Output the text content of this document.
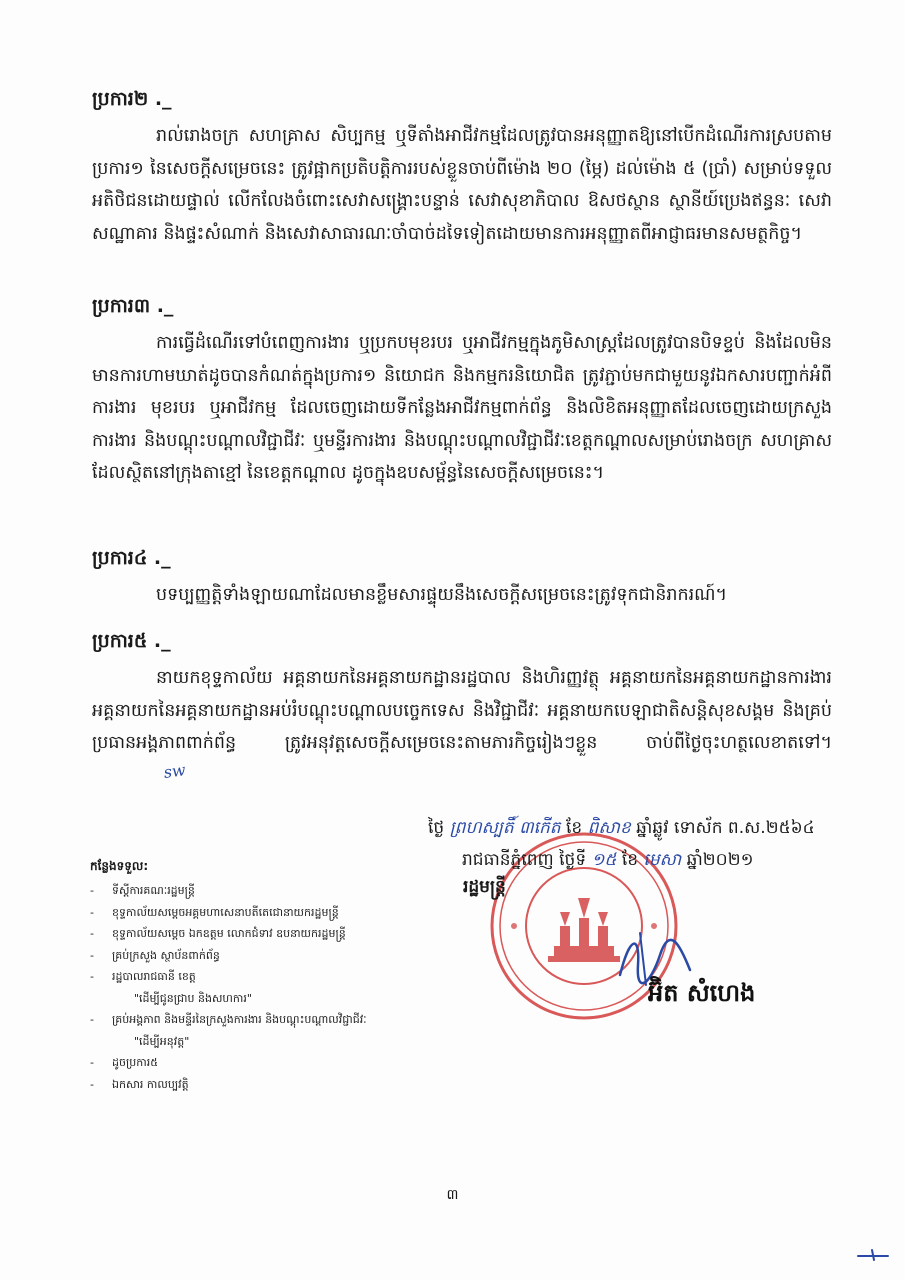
ប្រការ២ ._

រាល់រោងចក្រ សហគ្រាស សិប្បកម្ម ឬទីតាំងអាជីវកម្មដែលត្រូវបានអនុញ្ញាតឱ្យនៅបើកដំណើរការស្របតាមប្រការ១ នៃសេចក្តីសម្រេចនេះ ត្រូវផ្អាកប្រតិបត្តិការរបស់ខ្លួនចាប់ពីម៉ោង ២០ (ម្ភៃ) ដល់ម៉ោង ៥ (ប្រាំ) សម្រាប់ទទួលអតិថិជនដោយផ្ទាល់ លើកលែងចំពោះសេវាសង្គ្រោះបន្ទាន់ សេវាសុខាភិបាល ឱសថស្ថាន ស្ថានីយ៍ប្រេងឥន្ធនៈ សេវាសណ្ឋាគារ និងផ្ទះសំណាក់ និងសេវាសាធារណៈចាំបាច់ដទៃទៀតដោយមានការអនុញ្ញាតពីអាជ្ញាធរមានសមត្ថកិច្ច។

ប្រការ៣ ._

ការធ្វើដំណើរទៅបំពេញការងារ ឬប្រកបមុខរបរ ឬអាជីវកម្មក្នុងភូមិសាស្ត្រដែលត្រូវបានបិទខ្ទប់ និងដែលមិនមានការហាមឃាត់ដូចបានកំណត់ក្នុងប្រការ១ និយោជក និងកម្មករនិយោជិត ត្រូវភ្ជាប់មកជាមួយនូវឯកសារបញ្ជាក់អំពីការងារ មុខរបរ ឬអាជីវកម្ម ដែលចេញដោយទីកន្លែងអាជីវកម្មពាក់ព័ន្ធ និងលិខិតអនុញ្ញាតដែលចេញដោយក្រសួងការងារ និងបណ្តុះបណ្តាលវិជ្ជាជីវៈ ឬមន្ទីរការងារ និងបណ្តុះបណ្តាលវិជ្ជាជីវៈខេត្តកណ្តាលសម្រាប់រោងចក្រ សហគ្រាសដែលស្ថិតនៅក្រុងតាខ្មៅ នៃខេត្តកណ្តាល ដូចក្នុងឧបសម្ព័ន្ធនៃសេចក្តីសម្រេចនេះ។

ប្រការ៤ ._

បទប្បញ្ញត្តិទាំងឡាយណាដែលមានខ្លឹមសារផ្ទុយនឹងសេចក្តីសម្រេចនេះត្រូវទុកជានិរាករណ៍។

ប្រការ៥ ._

នាយកខុទ្ទកាល័យ អគ្គនាយកនៃអគ្គនាយកដ្ឋានរដ្ឋបាល និងហិរញ្ញវត្ថុ អគ្គនាយកនៃអគ្គនាយកដ្ឋានការងារ អគ្គនាយកនៃអគ្គនាយកដ្ឋានអប់រំបណ្តុះបណ្តាលបច្ចេកទេស និងវិជ្ជាជីវៈ អគ្គនាយកបេឡាជាតិសន្តិសុខសង្គម និងគ្រប់ប្រធានអង្គភាពពាក់ព័ន្ធ ត្រូវអនុវត្តសេចក្តីសម្រេចនេះតាមភារកិច្ចរៀងៗខ្លួន ចាប់ពីថ្ងៃចុះហត្ថលេខាតទៅ។sw

ថ្ងៃ ព្រហស្បតិ៍ ៣កើត ខែ ពិសាខ ឆ្នាំឆ្លូវ ទោស័ក ព.ស.២៥៦៤
រាជធានីភ្នំពេញ ថ្ងៃទី ១៥ ខែ មេសា ឆ្នាំ២០២១
រដ្ឋមន្ត្រី
អ៊ិត សំហេង
កន្លែងទទួល:
- ទីស្តីការគណៈរដ្ឋមន្ត្រី
- ខុទ្ទកាល័យសម្តេចអគ្គមហាសេនាបតីតេជោនាយករដ្ឋមន្ត្រី
- ខុទ្ទកាល័យសម្តេច ឯកឧត្តម លោកជំទាវ ឧបនាយករដ្ឋមន្ត្រី
- គ្រប់ក្រសួង ស្ថាប័នពាក់ព័ន្ធ
- រដ្ឋបាលរាជធានី ខេត្ត
"ដើម្បីជូនជ្រាប និងសហការ"
- គ្រប់អង្គភាព និងមន្ទីរនៃក្រសួងការងារ និងបណ្តុះបណ្តាលវិជ្ជាជីវៈ
"ដើម្បីអនុវត្ត"
- ដូចប្រការ៥
- ឯកសារ កាលប្បវត្តិ
៣
